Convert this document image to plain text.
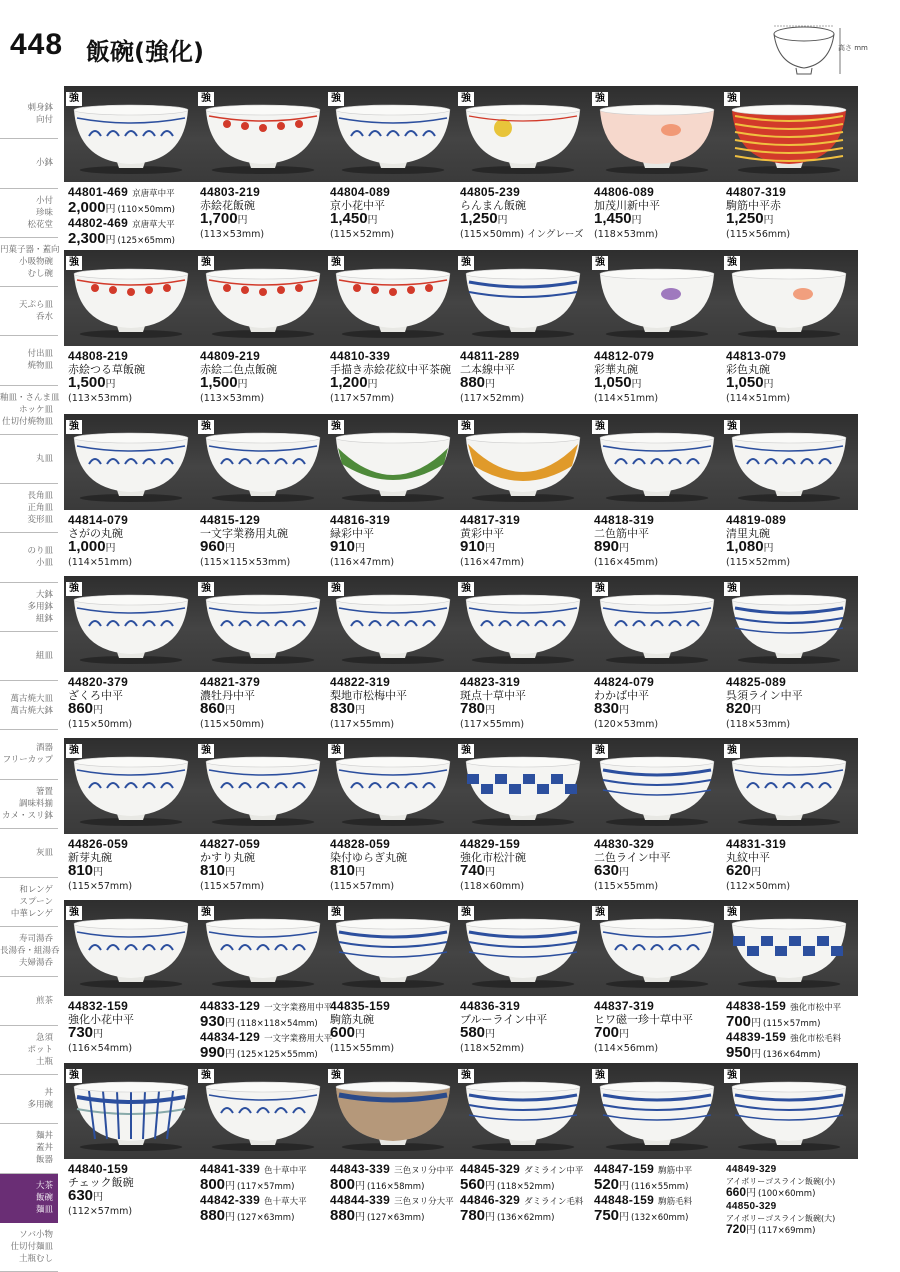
448 飯碗(強化)	高さ mm
刺身鉢
向付
小鉢
小付
珍味
松花堂
円菓子器・蓋向
小吸物碗
むし碗
天ぷら皿
呑水
付出皿
焼物皿
釉皿・さんま皿
ホッケ皿
仕切付焼物皿
丸皿
長角皿
正角皿
変形皿
のり皿
小皿
大鉢
多用鉢
組鉢
組皿
萬古焼大皿
萬古焼大鉢
酒器
フリーカップ
箸置
調味料揃
カメ・スリ鉢
灰皿
和レンゲ
スプーン
中華レンゲ
寿司湯呑
長湯呑・組湯呑
夫婦湯呑
煎茶
急須
ポット
土瓶
丼
多用碗
麺丼
蓋丼
飯器
大茶
飯碗
麺皿
ソバ小物
仕切付麺皿
土瓶むし
強
44801-469 京唐草中平
2,000円 (110×50mm)
44802-469 京唐草大平
2,300円 (125×65mm)
強
44803-219
赤絵花飯碗
1,700円
(113×53mm)
強
44804-089
京小花中平
1,450円
(115×52mm)
強
44805-239
らんまん飯碗
1,250円
(115×50mm) イングレーズ
強
44806-089
加茂川新中平
1,450円
(118×53mm)
強
44807-319
駒筋中平赤
1,250円
(115×56mm)
強
44808-219
赤絵つる草飯碗
1,500円
(113×53mm)
強
44809-219
赤絵二色点飯碗
1,500円
(113×53mm)
強
44810-339
手描き赤絵花紋中平茶碗
1,200円
(117×57mm)
強
44811-289
二本線中平
880円
(117×52mm)
強
44812-079
彩華丸碗
1,050円
(114×51mm)
強
44813-079
彩色丸碗
1,050円
(114×51mm)
強
44814-079
さがの丸碗
1,000円
(114×51mm)
強
44815-129
一文字業務用丸碗
960円
(115×115×53mm)
強
44816-319
緑彩中平
910円
(116×47mm)
強
44817-319
黄彩中平
910円
(116×47mm)
強
44818-319
二色筋中平
890円
(116×45mm)
強
44819-089
清里丸碗
1,080円
(115×52mm)
強
44820-379
ざくろ中平
860円
(115×50mm)
強
44821-379
濃牡丹中平
860円
(115×50mm)
強
44822-319
梨地市松梅中平
830円
(117×55mm)
強
44823-319
斑点十草中平
780円
(117×55mm)
強
44824-079
わかば中平
830円
(120×53mm)
強
44825-089
呉須ライン中平
820円
(118×53mm)
強
44826-059
新芽丸碗
810円
(115×57mm)
強
44827-059
かすり丸碗
810円
(115×57mm)
強
44828-059
染付ゆらぎ丸碗
810円
(115×57mm)
強
44829-159
強化市松汁碗
740円
(118×60mm)
強
44830-329
二色ライン中平
630円
(115×55mm)
強
44831-319
丸紋中平
620円
(112×50mm)
強
44832-159
強化小花中平
730円
(116×54mm)
強
44833-129 一文字業務用中平
930円 (118×118×54mm)
44834-129 一文字業務用大平
990円 (125×125×55mm)
強
44835-159
駒筋丸碗
600円
(115×55mm)
強
44836-319
ブルーライン中平
580円
(118×52mm)
強
44837-319
ヒワ磁一珍十草中平
700円
(114×56mm)
強
44838-159 強化市松中平
700円 (115×57mm)
44839-159 強化市松毛料
950円 (136×64mm)
強
44840-159
チェック飯碗
630円
(112×57mm)
強
44841-339 色十草中平
800円 (117×57mm)
44842-339 色十草大平
880円 (127×63mm)
強
44843-339 三色ヌリ分中平
800円 (116×58mm)
44844-339 三色ヌリ分大平
880円 (127×63mm)
強
44845-329 ダミライン中平
560円 (118×52mm)
44846-329 ダミライン毛料
780円 (136×62mm)
強
44847-159 駒筋中平
520円 (116×55mm)
44848-159 駒筋毛料
750円 (132×60mm)
強
44849-329
アイボリーゴスライン飯碗(小)
660円 (100×60mm)
44850-329
アイボリーゴスライン飯碗(大)
720円 (117×69mm)
